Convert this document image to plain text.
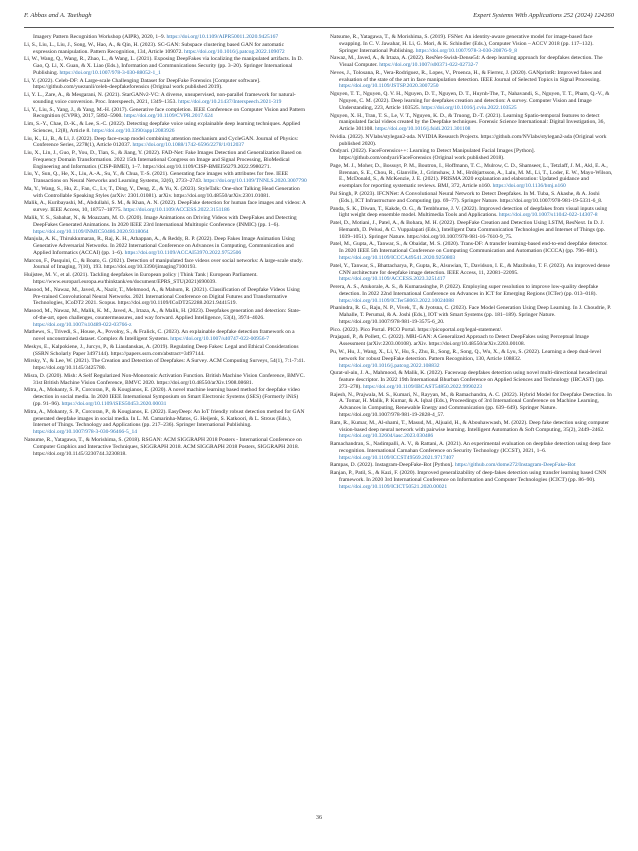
F. Abbas and A. Taeihagh	Expert Systems With Applications 252 (2024) 124260

Imagery Pattern Recognition Workshop (AIPR), 2020, 1–9. https://doi.org/10.1109/AIPR50011.2020.9425167

Li, S., Liu, L., Liu, J., Song, W., Hao, A., & Qin, H. (2023). SC-GAN: Subspace clustering based GAN for automatic expression manipulation. Pattern Recognition, 134, Article 109072. https://doi.org/10.1016/j.patcog.2022.109072

Li, W., Wang, Q., Wang, R., Zhao, L., & Wang, L. (2021). Exposing DeepFakes via localizing the manipulated artifacts. In D. Gao, Q. Li, X. Guan, & X. Liao (Eds.), Information and Communications Security (pp. 3–20). Springer International Publishing. https://doi.org/10.1007/978-3-030-88052-1_1

Li, Y. (2022). Celeb-DF: A Large-scale Challenging Dataset for DeepFake Forensics [Computer software]. https://github.com/yuezunli/celeb-deepfakeforensics (Original work published 2019).

Li, Y. L., Zare, A., & Mesgarani, N. (2021). StarGANv2-VC: A diverse, unsupervised, non-parallel framework for natural-sounding voice conversion. Proc. Interspeech, 2021, 1349–1353. https://doi.org/10.21437/Interspeech.2021-319

Li, Y., Liu, S., Yang, J., & Yang, M.-H. (2017). Generative face completion. IEEE Conference on Computer Vision and Pattern Recognition (CVPR), 2017, 5892–5900. https://doi.org/10.1109/CVPR.2017.624

Lim, S.-Y., Chae, D.-K., & Lee, S.-C. (2022). Detecting deepfake voice using explainable deep learning techniques. Applied Sciences, 12(8), Article 8. https://doi.org/10.3390/app12083926

Liu, K., Li, B., & Li, J. (2022). Deep face-swap model combining attention mechanism and CycleGAN. Journal of Physics: Conference Series, 2278(1), Article 012037. https://doi.org/10.1088/1742-6596/2278/1/012037

Liu, X., Lin, J., Guo, P., You, D., Tian, S., & Jiang, Y. (2022). FAD-Net: Fake Images Detection and Generalization Based on Frequency Domain Transformation. 2022 15th International Congress on Image and Signal Processing, BioMedical Engineering and Informatics (CISP-BMEI), 1–7. https://doi.org/10.1109/CISP-BMEI56279.2022.9980271.

Liu, Y., Sun, Q., He, X., Liu, A.-A., Su, Y., & Chua, T.-S. (2021). Generating face images with attributes for free. IEEE Transactions on Neural Networks and Learning Systems, 32(6), 2733–2743. https://doi.org/10.1109/TNNLS.2020.3007790

Ma, Y., Wang, S., Hu, Z., Fan, C., Lv, T., Ding, Y., Deng, Z., & Yu, X. (2023). StyleTalk: One-shot Talking Head Generation with Controllable Speaking Styles (arXiv: 2301.01081). arXiv. https://doi.org/10.48550/arXiv.2301.01081.

Malik, A., Kuribayashi, M., Abdullahi, S. M., & Khan, A. N. (2022). DeepFake detection for human face images and videos: A survey. IEEE Access, 10, 18757–18775. https://doi.org/10.1109/ACCESS.2022.3151186

Malik, Y. S., Sabahat, N., & Moazzam, M. O. (2020). Image Animations on Driving Videos with DeepFakes and Detecting DeepFakes Generated Animations. In 2020 IEEE 23rd International Multitopic Conference (INMIC) (pp. 1–6). https://doi.org/10.1109/INMIC50486.2020.9318064

Manjula, A. K., Thirukkumaran, R., Raj, K. H., Athappan, A., & Reddy, R. P. (2022). Deep Fakes Image Animation Using Generative Adversarial Networks. In 2022 International Conference on Advances in Computing, Communication and Applied Informatics (ACCAI) (pp. 1–6). https://doi.org/10.1109/ACCAI53970.2022.9752506

Marcon, F., Pasquini, C., & Boato, G. (2021). Detection of manipulated face videos over social networks: A large-scale study. Journal of Imaging, 7(10), 193. https://doi.org/10.3390/jimaging7100193.

Huijstee, M. V., et al. (2021). Tackling deepfakes in European policy | Think Tank | European Parliament. https://www.europarl.europa.eu/thinktank/en/document/EPRS_STU(2021)690039.

Masood, M., Nawaz, M., Javed, A., Nazir, T., Mehmood, A., & Mahum, R. (2021). Classification of Deepfake Videos Using Pre-trained Convolutional Neural Networks. 2021 International Conference on Digital Futures and Transformative Technologies, ICoDT2 2021. Scopus. https://doi.org/10.1109/ICoDT252288.2021.9441519.

Masood, M., Nawaz, M., Malik, K. M., Javed, A., Irtaza, A., & Malik, H. (2023). Deepfakes generation and detection: State-of-the-art, open challenges, countermeasures, and way forward. Applied Intelligence, 53(4), 3974–4026. https://doi.org/10.1007/s10489-022-03766-z

Mathews, S., Trivedi, S., House, A., Povolny, S., & Fralick, C. (2023). An explainable deepfake detection framework on a novel unconstrained dataset. Complex & Intelligent Systems. https://doi.org/10.1007/s40747-022-00956-7

Meskys, E., Kalpokiene, J., Jurcys, P., & Liaudanskas, A. (2019). Regulating Deep Fakes: Legal and Ethical Considerations (SSRN Scholarly Paper 3497144). https://papers.ssrn.com/abstract=3497144.

Mirsky, Y., & Lee, W. (2021). The Creation and Detection of Deepfakes: A Survey. ACM Computing Surveys, 54(1), 7:1-7:41. https://doi.org/10.1145/3425780.

Misra, D. (2020). Mish: A Self Regularized Non-Monotonic Activation Function. British Machine Vision Conference, BMVC. 31st British Machine Vision Conference, BMVC 2020. https://doi.org/10.48550/arXiv.1908.08681.

Mitra, A., Mohanty, S. P., Corcoran, P., & Kougianos, E. (2020). A novel machine learning based method for deepfake video detection in social media. In 2020 IEEE International Symposium on Smart Electronic Systems (iSES) (Formerly iNiS) (pp. 91–96). https://doi.org/10.1109/iSES50453.2020.00031

Mitra, A., Mohanty, S. P., Corcoran, P., & Kougianos, E. (2022). EasyDeep: An IoT friendly robust detection method for GAN generated deepfake images in social media. In L. M. Camarinha-Matos, G. Heijenk, S. Katkoori, & L. Strous (Eds.), Internet of Things. Technology and Applications (pp. 217–236). Springer International Publishing. https://doi.org/10.1007/978-3-030-96466-5_14

Natsume, R., Yatagawa, T., & Morishima, S. (2018). RSGAN: ACM SIGGRAPH 2018 Posters - International Conference on Computer Graphics and Interactive Techniques, SIGGRAPH 2018. ACM SIGGRAPH 2018 Posters, SIGGRAPH 2018. https://doi.org/10.1145/3230744.3230818.

Natsume, R., Yatagawa, T., & Morishima, S. (2019). FSNet: An identity-aware generative model for image-based face swapping. In C. V. Jawahar, H. Li, G. Mori, & K. Schindler (Eds.), Computer Vision – ACCV 2018 (pp. 117–132). Springer International Publishing. https://doi.org/10.1007/978-3-030-20876-9_8

Nawaz, M., Javed, A., & Irtaza, A. (2022). ResNet-Swish-Dense54: A deep learning approach for deepfakes detection. The Visual Computer. https://doi.org/10.1007/s00371-022-02732-7

Neves, J., Tolosana, R., Vera-Rodriguez, R., Lopes, V., Proenca, H., & Fierrez, J. (2020). GANprintR: Improved fakes and evaluation of the state of the art in face manipulation detection. IEEE Journal of Selected Topics in Signal Processing. https://doi.org/10.1109/JSTSP.2020.3007250

Nguyen, T. T., Nguyen, Q. V. H., Nguyen, D. T., Nguyen, D. T., Huynh-The, T., Nahavandi, S., Nguyen, T. T., Pham, Q.-V., & Nguyen, C. M. (2022). Deep learning for deepfakes creation and detection: A survey. Computer Vision and Image Understanding, 223, Article 103525. https://doi.org/10.1016/j.cviu.2022.103525

Nguyen, X. H., Tran, T. S., Le, V. T., Nguyen, K. D., & Truong, D.-T. (2021). Learning Spatio-temporal features to detect manipulated facial videos created by the Deepfake techniques. Forensic Science International: Digital Investigation, 36, Article 301108. https://doi.org/10.1016/j.fsidi.2021.301108

Nvidia. (2022). NVlabs/stylegan2-ada. NVIDIA Research Projects. https://github.com/NVlabs/stylegan2-ada (Original work published 2020).

Ondyari. (2022). FaceForensics++: Learning to Detect Manipulated Facial Images [Python]. https://github.com/ondyari/FaceForensics (Original work published 2018).

Page, M. J., Moher, D., Bossuyt, P. M., Boutron, I., Hoffmann, T. C., Mulrow, C. D., Shamseer, L., Tetzlaff, J. M., Akl, E. A., Brennan, S. E., Chou, R., Glanville, J., Grimshaw, J. M., Hróbjartsson, A., Lalu, M. M., Li, T., Loder, E. W., Mayo-Wilson, E., McDonald, S., & McKenzie, J. E. (2021). PRISMA 2020 explanation and elaboration: Updated guidance and exemplars for reporting systematic reviews. BMJ, 372, Article n160. https://doi.org/10.1136/bmj.n160

Pal Singh, P. (2023). IFCNNet: A Convolutional Neural Network to Detect Deepfakes. In M. Tuba, S. Akashe, & A. Joshi (Eds.), ICT Infrastructure and Computing (pp. 69–77). Springer Nature. https://doi.org/10.1007/978-981-19-5331-6_8.

Panda, S. K., Diwan, T., Kakde, O. G., & Tembhurne, J. V. (2022). Improved detection of deepfakes from visual inputs using light weight deep ensemble model. Multimedia Tools and Applications. https://doi.org/10.1007/s11042-022-14307-8

Patel, D., Motiani, J., Patel, A., & Bohara, M. H. (2022). DeepFake Creation and Detection Using LSTM, ResNext. In D. J. Hemanth, D. Pelusi, & C. Vuppalapati (Eds.), Intelligent Data Communication Technologies and Internet of Things (pp. 1039–1051). Springer Nature. https://doi.org/10.1007/978-981-16-7610-9_75.

Patel, M., Gupta, A., Tanwar, S., & Obaidat, M. S. (2020). Trans-DF: A transfer learning-based end-to-end deepfake detector. In 2020 IEEE 5th International Conference on Computing Communication and Automation (ICCCA) (pp. 796–801). https://doi.org/10.1109/ICCCA49541.2020.9250803

Patel, Y., Tanwar, S., Bhattacharya, P., Gupta, R., Alsuwian, T., Davidson, I. E., & Mazibuko, T. F. (2023). An improved dense CNN architecture for deepfake image detection. IEEE Access, 11, 22081–22095. https://doi.org/10.1109/ACCESS.2023.3251417

Perera, A. S., Atukorale, A. S., & Kumarasinghe, P. (2022). Employing super resolution to improve low-quality deepfake detection. In 2022 22nd International Conference on Advances in ICT for Emerging Regions (ICTer) (pp. 013–018). https://doi.org/10.1109/ICTer58063.2022.10024088

Phanindra, R. G., Raju, N. P., Vivek, T., & Jyotsna, C. (2023). Face Model Generation Using Deep Learning. In J. Choudrie, P. Mahalle, T. Perumal, & A. Joshi (Eds.), IOT with Smart Systems (pp. 181–189). Springer Nature. https://doi.org/10.1007/978-981-19-3575-6_20.

Pico. (2022). Pico Portal. PICO Portal. https://picoportal.org/legal-statement/.

Prajapati, P., & Pollett, C. (2022). MRI-GAN: A Generalized Approach to Detect DeepFakes using Perceptual Image Assessment (arXiv:2203.00108). arXiv. https://doi.org/10.48550/arXiv.2203.00108.

Pu, W., Hu, J., Wang, X., Li, Y., Hu, S., Zhu, B., Song, R., Song, Q., Wu, X., & Lyu, S. (2022). Learning a deep dual-level network for robust DeepFake detection. Pattern Recognition, 130, Article 108832. https://doi.org/10.1016/j.patcog.2022.108832

Qurat-ul-ain, J. A., Mahmood, & Malik, K. (2022). Faceswap deepfakes detection using novel multi-directional hexadecimal feature descriptor. In 2022 19th International Bhurban Conference on Applied Sciences and Technology (IBCAST) (pp. 273–278). https://doi.org/10.1109/IBCAST54850.2022.9990223

Rajesh, N., Prajwala, M. S., Kumari, N., Rayyan, M., & Ramachandra, A. C. (2022). Hybrid Model for Deepfake Detection. In A. Tomar, H. Malik, P. Kumar, & A. Iqbal (Eds.), Proceedings of 3rd International Conference on Machine Learning, Advances in Computing, Renewable Energy and Communication (pp. 639–649). Springer Nature. https://doi.org/10.1007/978-981-19-2828-4_57.

Ram, R., Kumar, M., Al-shami, T., Masud, M., Aljuaid, H., & Abouhawwash, M. (2022). Deep fake detection using computer vision-based deep neural network with pairwise learning. Intelligent Automation & Soft Computing, 35(2), 2449–2462. https://doi.org/10.32604/iasc.2023.030486

Ramachandran, S., Nadimpalli, A. V., & Rattani, A. (2021). An experimental evaluation on deepfake detection using deep face recognition. International Carnahan Conference on Security Technology (ICCST), 2021, 1–6. https://doi.org/10.1109/ICCST49569.2021.9717407

Rampas, D. (2022). Instagram-DeepFake-Bot [Python]. https://github.com/dome272/Instagram-DeepFake-Bot

Ranjan, P., Patil, S., & Kazi, F. (2020). Improved generalizability of deep-fakes detection using transfer learning based CNN framework. In 2020 3rd International Conference on Information and Computer Technologies (ICICT) (pp. 86–90). https://doi.org/10.1109/ICICT50521.2020.00021

36
